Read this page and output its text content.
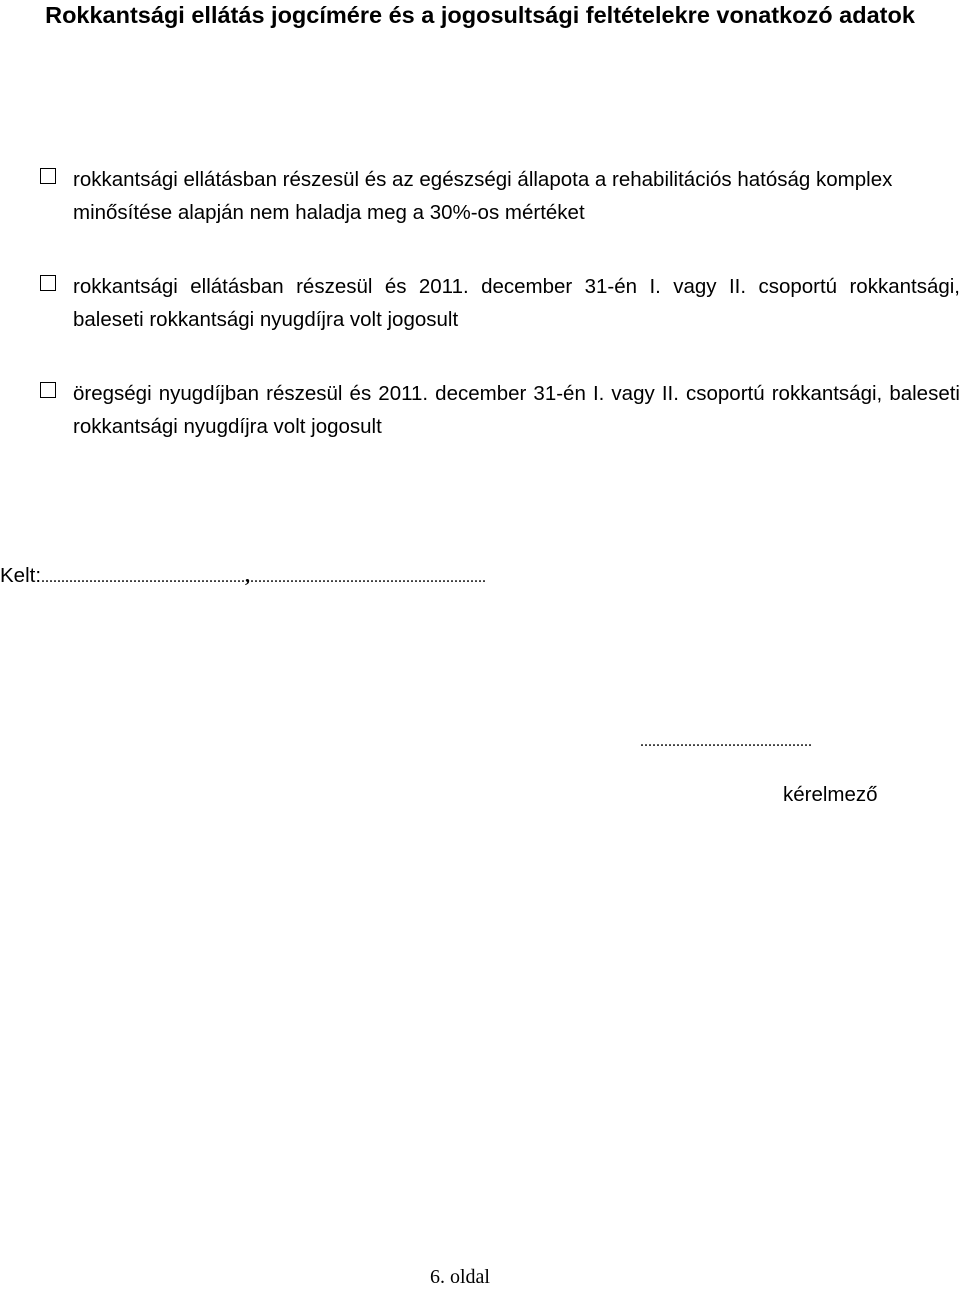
Rokkantsági ellátás jogcímére és a jogosultsági feltételekre vonatkozó adatok

rokkantsági ellátásban részesül és az egészségi állapota a rehabilitációs hatóság komplex minősítése alapján nem haladja meg a 30%-os mértéket

rokkantsági ellátásban részesül és 2011. december 31-én I. vagy II. csoportú rokkantsági, baleseti rokkantsági nyugdíjra volt jogosult

öregségi nyugdíjban részesül és 2011. december 31-én I. vagy II. csoportú rokkantsági, baleseti rokkantsági nyugdíjra volt jogosult

Kelt:...................................................,...........................................................
...........................................
kérelmező
6. oldal
